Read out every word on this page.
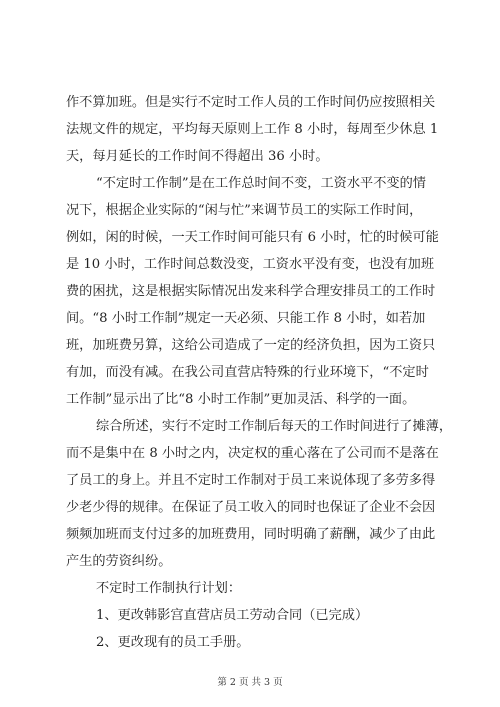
作不算加班。但是实行不定时工作人员的工作时间仍应按照相关
法规文件的规定，平均每天原则上工作 8 小时，每周至少休息 1
天，每月延长的工作时间不得超出 36 小时。
“不定时工作制”是在工作总时间不变，工资水平不变的情
况下，根据企业实际的“闲与忙”来调节员工的实际工作时间，
例如，闲的时候，一天工作时间可能只有 6 小时，忙的时候可能
是 10 小时，工作时间总数没变，工资水平没有变，也没有加班
费的困扰，这是根据实际情况出发来科学合理安排员工的工作时
间。“8 小时工作制”规定一天必须、只能工作 8 小时，如若加
班，加班费另算，这给公司造成了一定的经济负担，因为工资只
有加，而没有减。在我公司直营店特殊的行业环境下，“不定时
工作制”显示出了比“8 小时工作制”更加灵活、科学的一面。
综合所述，实行不定时工作制后每天的工作时间进行了摊薄，
而不是集中在 8 小时之内，决定权的重心落在了公司而不是落在
了员工的身上。并且不定时工作制对于员工来说体现了多劳多得
少老少得的规律。在保证了员工收入的同时也保证了企业不会因
频频加班而支付过多的加班费用，同时明确了薪酬，减少了由此
产生的劳资纠纷。
不定时工作制执行计划：
1、更改韩影宫直营店员工劳动合同（已完成）
2、更改现有的员工手册。
第 2 页 共 3 页
